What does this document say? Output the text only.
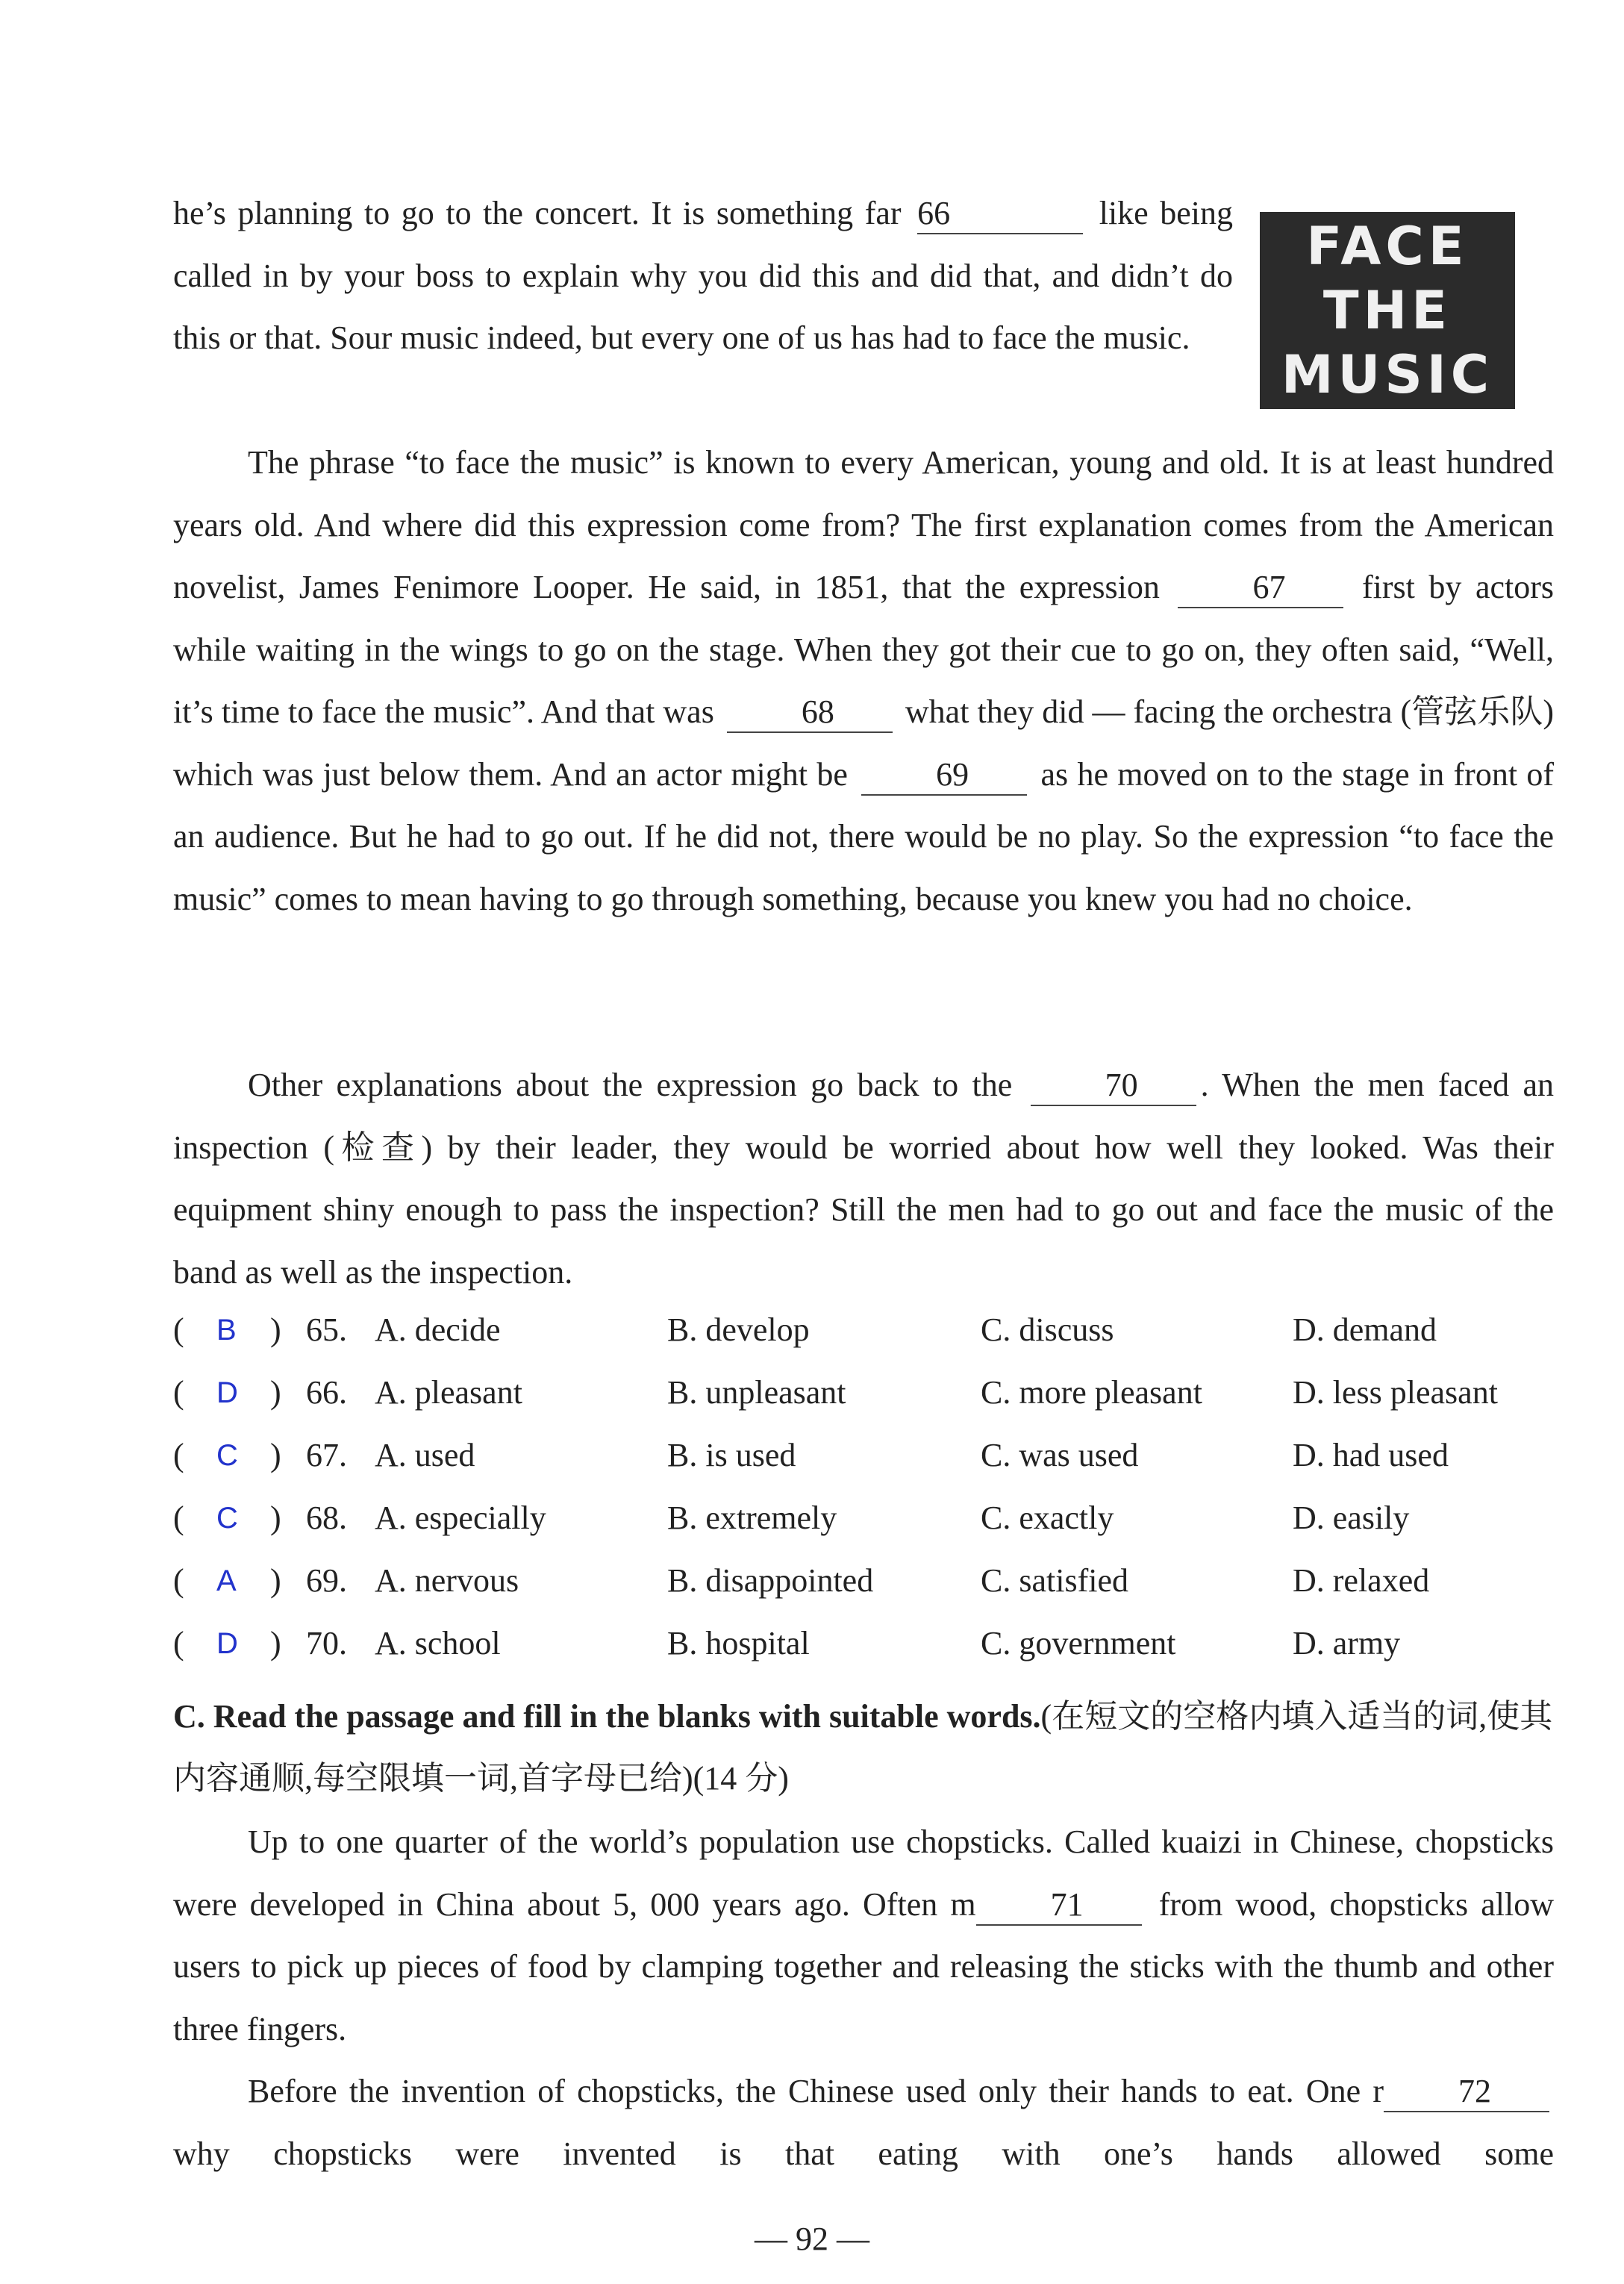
FACE
THE
MUSIC

he’s planning to go to the concert. It is something far 66	like being called in by your boss to explain why you did this and did that, and didn’t do this or that. Sour music indeed, but every one of us has had to face the music.

The phrase “to face the music” is known to every American, young and old. It is at least hundred years old. And where did this expression come from? The first explanation comes from the American novelist, James Fenimore Looper. He said, in 1851, that the expression	67 first by actors while waiting in the wings to go on the stage. When they got their cue to go on, they often said, “Well, it’s time to face the music”. And that was	68 what they did — facing the orchestra (管弦乐队) which was just below them. And an actor might be	69 as he moved on to the stage in front of an audience. But he had to go out. If he did not, there would be no play. So the expression “to face the music” comes to mean having to go through something, because you knew you had no choice.

Other explanations about the expression go back to the	70 . When the men faced an inspection (检查) by their leader, they would be worried about how well they looked. Was their equipment shiny enough to pass the inspection? Still the men had to go out and face the music of the band as well as the inspection.

( B ) 65. A. decide	B. develop	C. discuss	D. demand
( D ) 66. A. pleasant	B. unpleasant	C. more pleasant	D. less pleasant
( C ) 67. A. used	B. is used	C. was used	D. had used
( C ) 68. A. especially	B. extremely	C. exactly	D. easily
( A ) 69. A. nervous	B. disappointed	C. satisfied	D. relaxed
( D ) 70. A. school	B. hospital	C. government	D. army
C. Read the passage and fill in the blanks with suitable words.(在短文的空格内填入适当的词,使其内容通顺,每空限填一词,首字母已给)(14 分)

Up to one quarter of the world’s population use chopsticks. Called kuaizi in Chinese, chopsticks were developed in China about 5, 000 years ago. Often m 71 from wood, chopsticks allow users to pick up pieces of food by clamping together and releasing the sticks with the thumb and other three fingers.

Before the invention of chopsticks, the Chinese used only their hands to eat. One r 72 why chopsticks were invented is that eating with one’s hands allowed some

— 92 —
